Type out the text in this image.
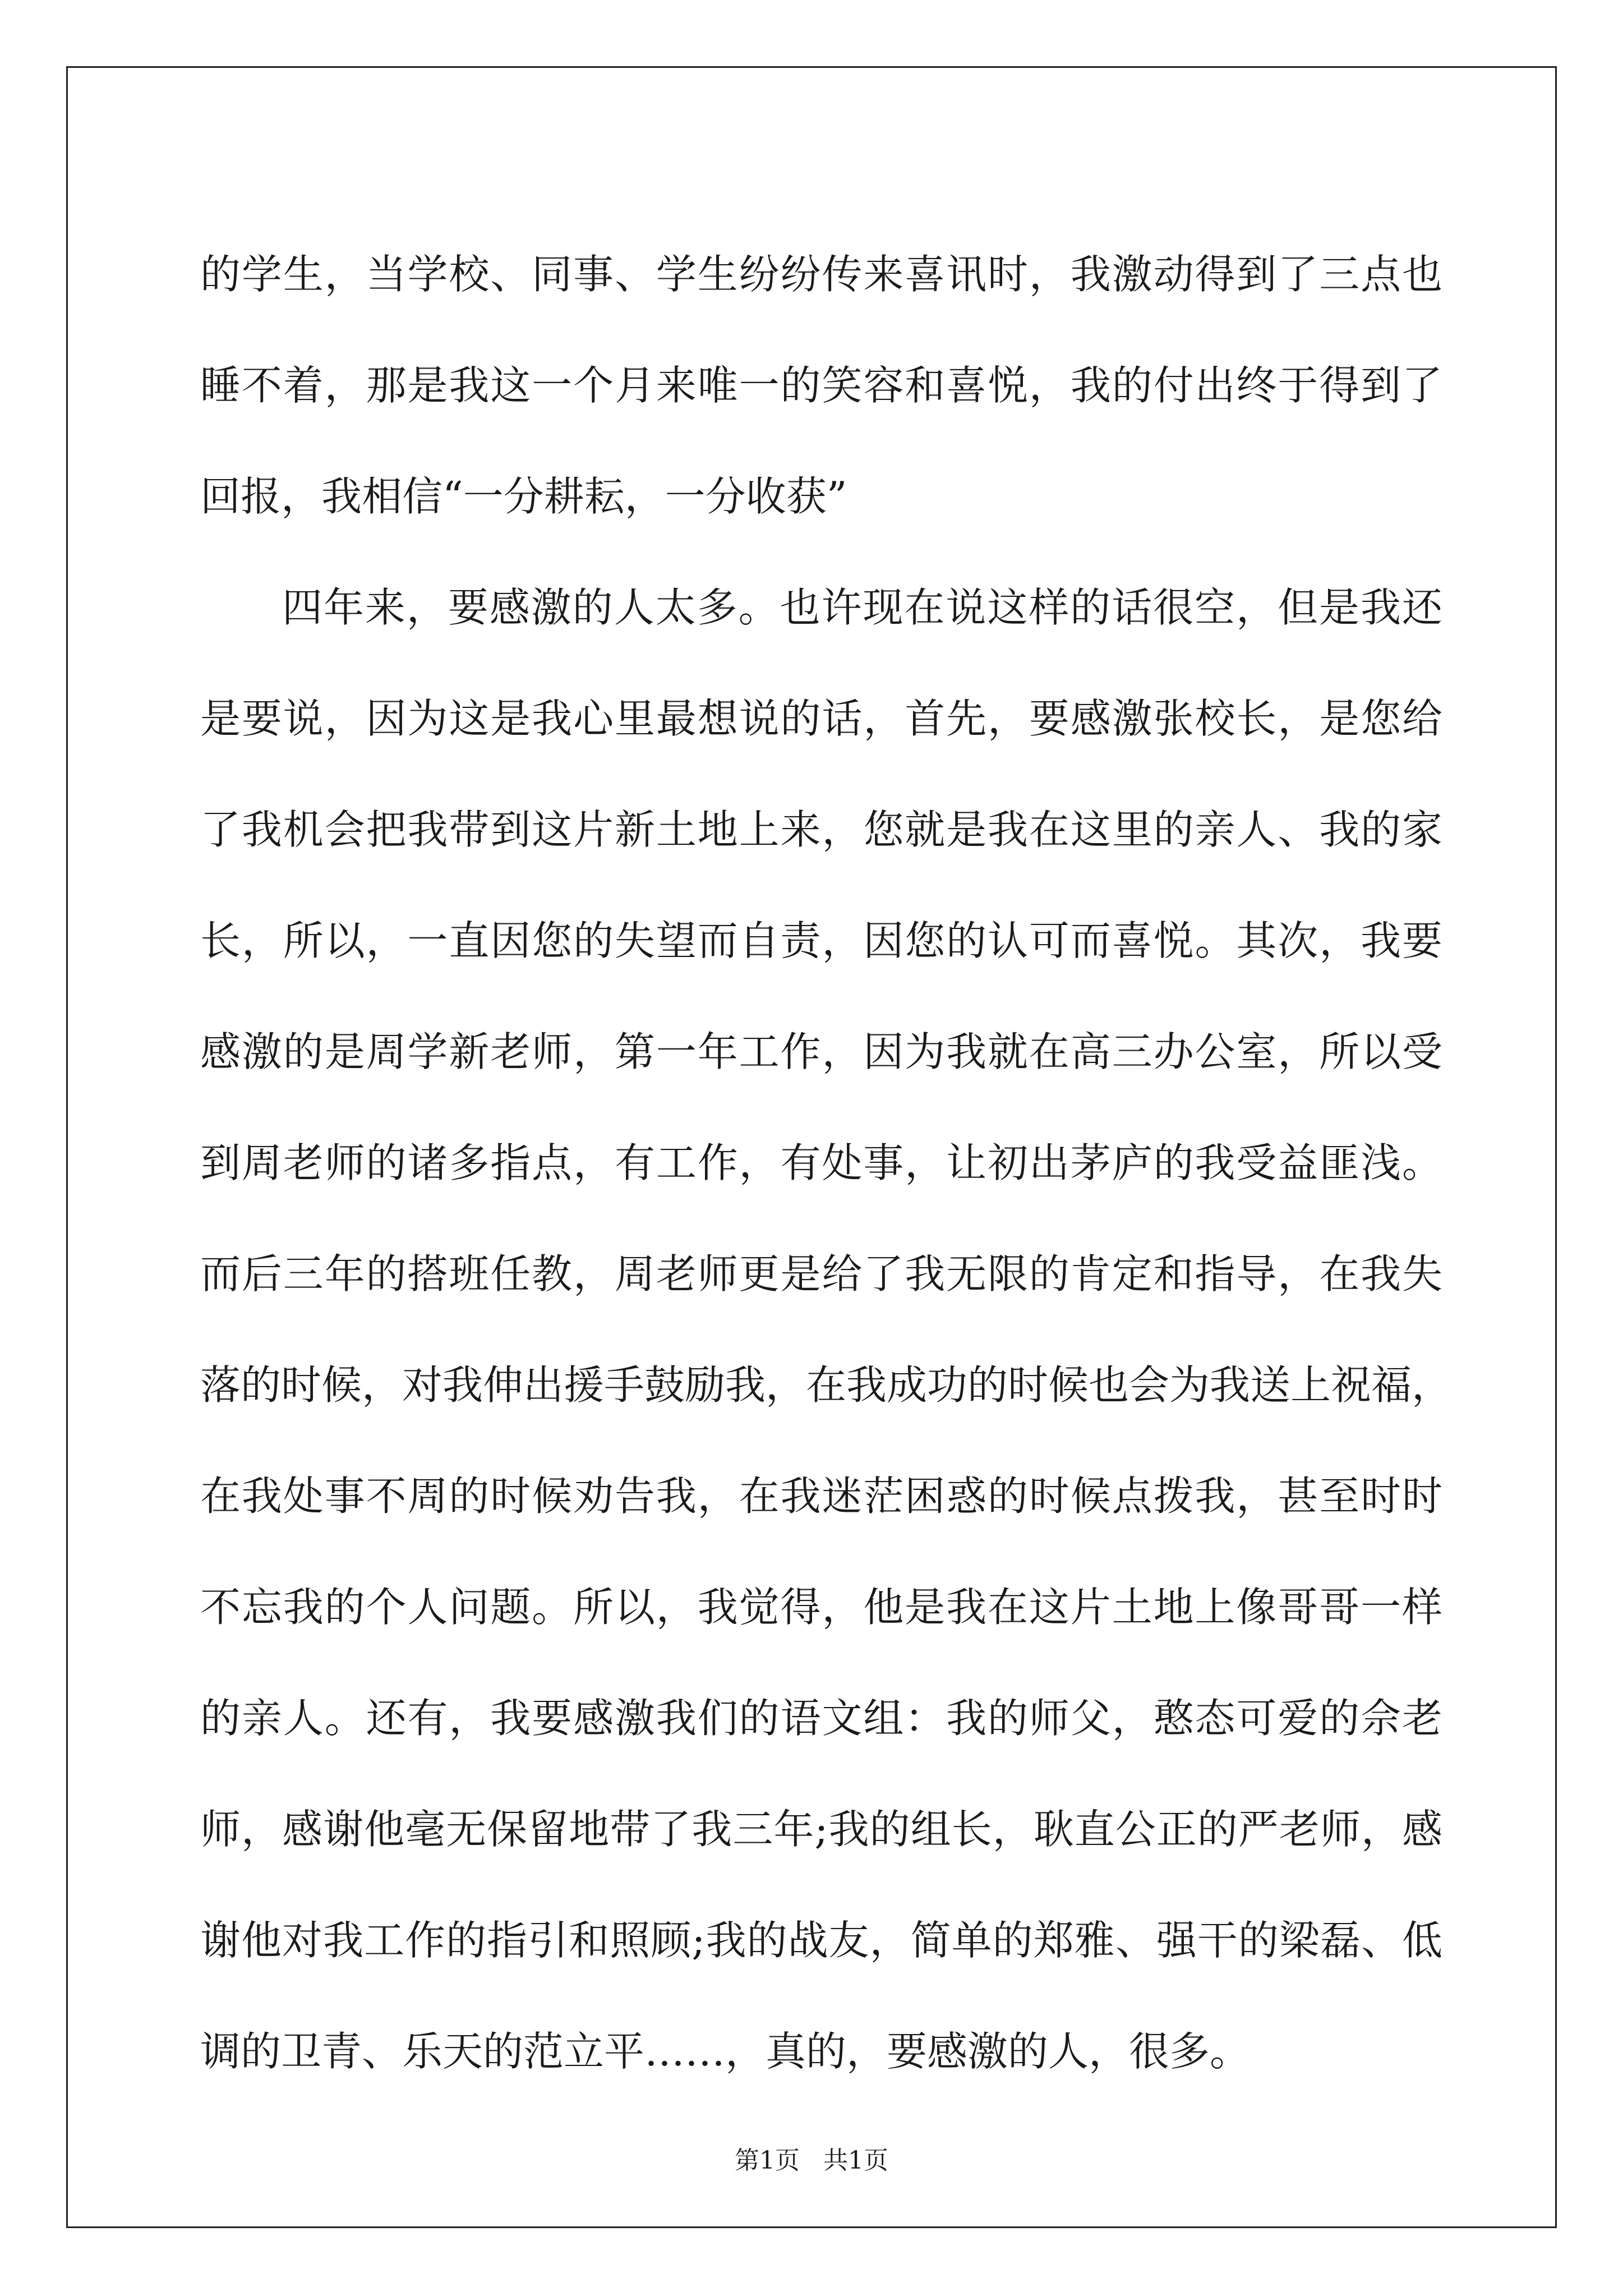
的学生，当学校、同事、学生纷纷传来喜讯时，我激动得到了三点也
睡不着，那是我这一个月来唯一的笑容和喜悦，我的付出终于得到了
回报，我相信“一分耕耘，一分收获”
四年来，要感激的人太多。也许现在说这样的话很空，但是我还
是要说，因为这是我心里最想说的话，首先，要感激张校长，是您给
了我机会把我带到这片新土地上来，您就是我在这里的亲人、我的家
长，所以，一直因您的失望而自责，因您的认可而喜悦。其次，我要
感激的是周学新老师，第一年工作，因为我就在高三办公室，所以受
到周老师的诸多指点，有工作，有处事，让初出茅庐的我受益匪浅。
而后三年的搭班任教，周老师更是给了我无限的肯定和指导，在我失
落的时候，对我伸出援手鼓励我，在我成功的时候也会为我送上祝福，
在我处事不周的时候劝告我，在我迷茫困惑的时候点拨我，甚至时时
不忘我的个人问题。所以，我觉得，他是我在这片土地上像哥哥一样
的亲人。还有，我要感激我们的语文组：我的师父，憨态可爱的佘老
师，感谢他毫无保留地带了我三年;我的组长，耿直公正的严老师，感
谢他对我工作的指引和照顾;我的战友，简单的郑雅、强干的梁磊、低
调的卫青、乐天的范立平……，真的，要感激的人，很多。
第1页 共1页
